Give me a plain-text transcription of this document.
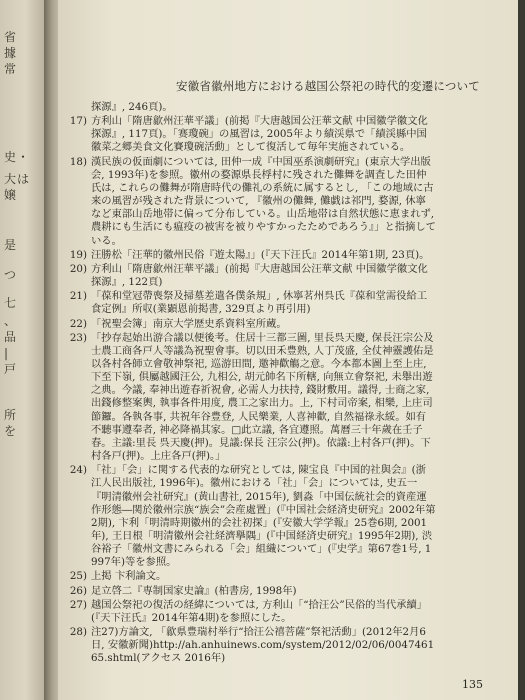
省
據
常
史・
大は
嬢
是
つ
七
、
品
|
戸
所
を
安徽省徽州地方における越国公祭祀の時代的変遷について
探源』, 246頁)。
17) 方利山「隋唐歙州汪華平議」(前掲『大唐越国公汪華文献 中国徽学徽文化探源』, 117頁)。「赛瓊碗」の風習は, 2005年より績渓県で「績渓縣中国徽菜之郷美食文化賽瓊碗活動」として復活して毎年実施されている。
18) 漢民族の仮面劇については, 田仲一成『中国巫系演劇研究』(東京大学出版会, 1993年)を参照。徽州の婺源県長桴村に残された儺舞を調査した田仲氏は, これらの儺舞が隋唐時代の儺礼の系統に属するとし, 「この地域に古来の風習が残された背景について, 『徽州の儺舞, 儺戯は祁門, 婺源, 休寧など東部山岳地帯に偏って分布している。山岳地帯は自然状態に恵まれず, 農耕にも生活にも瘟疫の被害を被りやすかったためであろう』」と指摘している。
19) 汪勝松「汪華的徽州民俗『遊太陽』」(『天下汪氏』2014年第1期, 23頁)。
20) 方利山「隋唐歙州汪華平議」(前掲『大唐越国公汪華文献 中国徽学徽文化探源』, 122頁)
21) 「葆和堂冠帶喪祭及掃墓差遣各僕条規」, 休寧茗州呉氏『葆和堂需役給工食定例』所収(業顕恩前掲書, 329頁より再引用)
22) 「祝聖会簿」南京大学歴史系資料室所蔵。
23) 「抄存起始出游合議以便後考。住居十三都三圖, 里長呉天慶, 保長汪宗公及士農工商各戸人等議為祝聖會事。切以田禾豊熟, 人丁茂盛, 全仗神靈護佑是以各村各師立會敬神祭祀, 巡游田間, 邀神歡觴之意。今本都本圖上至上庄, 下至下嶺, 俱屬越國汪公, 九相公, 胡元帥名下所轄, 向無立會祭祀, 未舉出遊之典。今議, 奉神出遊春祈祝會, 必需人力扶持, 錢財敷用。議得, 士商之家, 出錢修整案輿, 執事各件用度, 農工之家出力。上, 下村司帝案, 相樂, 上庄司節鑼。各執各事, 共祝年谷豊登, 人民樂業, 人喜神歡, 自然福祿永綏。如有不聽事遵奉者, 神必降禍其家。□此立議, 各宜遵照。萬曆三十年歲在壬子春。主議:里長 呉天慶(押)。見議:保長 汪宗公(押)。依議:上村各戸(押)。下村各戸(押)。上庄各戸(押)。」
24) 「社」「会」に関する代表的な研究としては, 陳宝良『中国的社與会』(浙江人民出版社, 1996年)。徽州における「社」「会」については, 史五一『明清徽州会社研究』(黄山書社, 2015年), 劉淼「中国伝統社会的資産運作形態―関於徽州宗族“族会”会産處置」(『中国社会経済史研究』2002年第2期), 卞利「明清時期徽州的会社初探」(『安徽大学学報』25巻6期, 2001年), 王日根「明清徽州会社経濟擧隅」(『中国経済史研究』1995年2期), 渋谷裕子「徽州文書にみられる「会」組織について」(『史学』第67巻1号, 1997年)等を参照。
25) 上掲 卞利論文。
26) 足立啓二『専制国家史論』(柏書房, 1998年)
27) 越国公祭祀の復活の経緯については, 方利山「“拾汪公”民俗的当代承續」(『天下汪氏』2014年第4期)を参照にした。
28) 注27)方論文, 「歙県豊瑞村举行“拾汪公禧菩薩”祭祀活動」(2012年2月6日, 安徽新聞)http://ah.anhuinews.com/system/2012/02/06/004746165.shtml(アクセス 2016年)
135
